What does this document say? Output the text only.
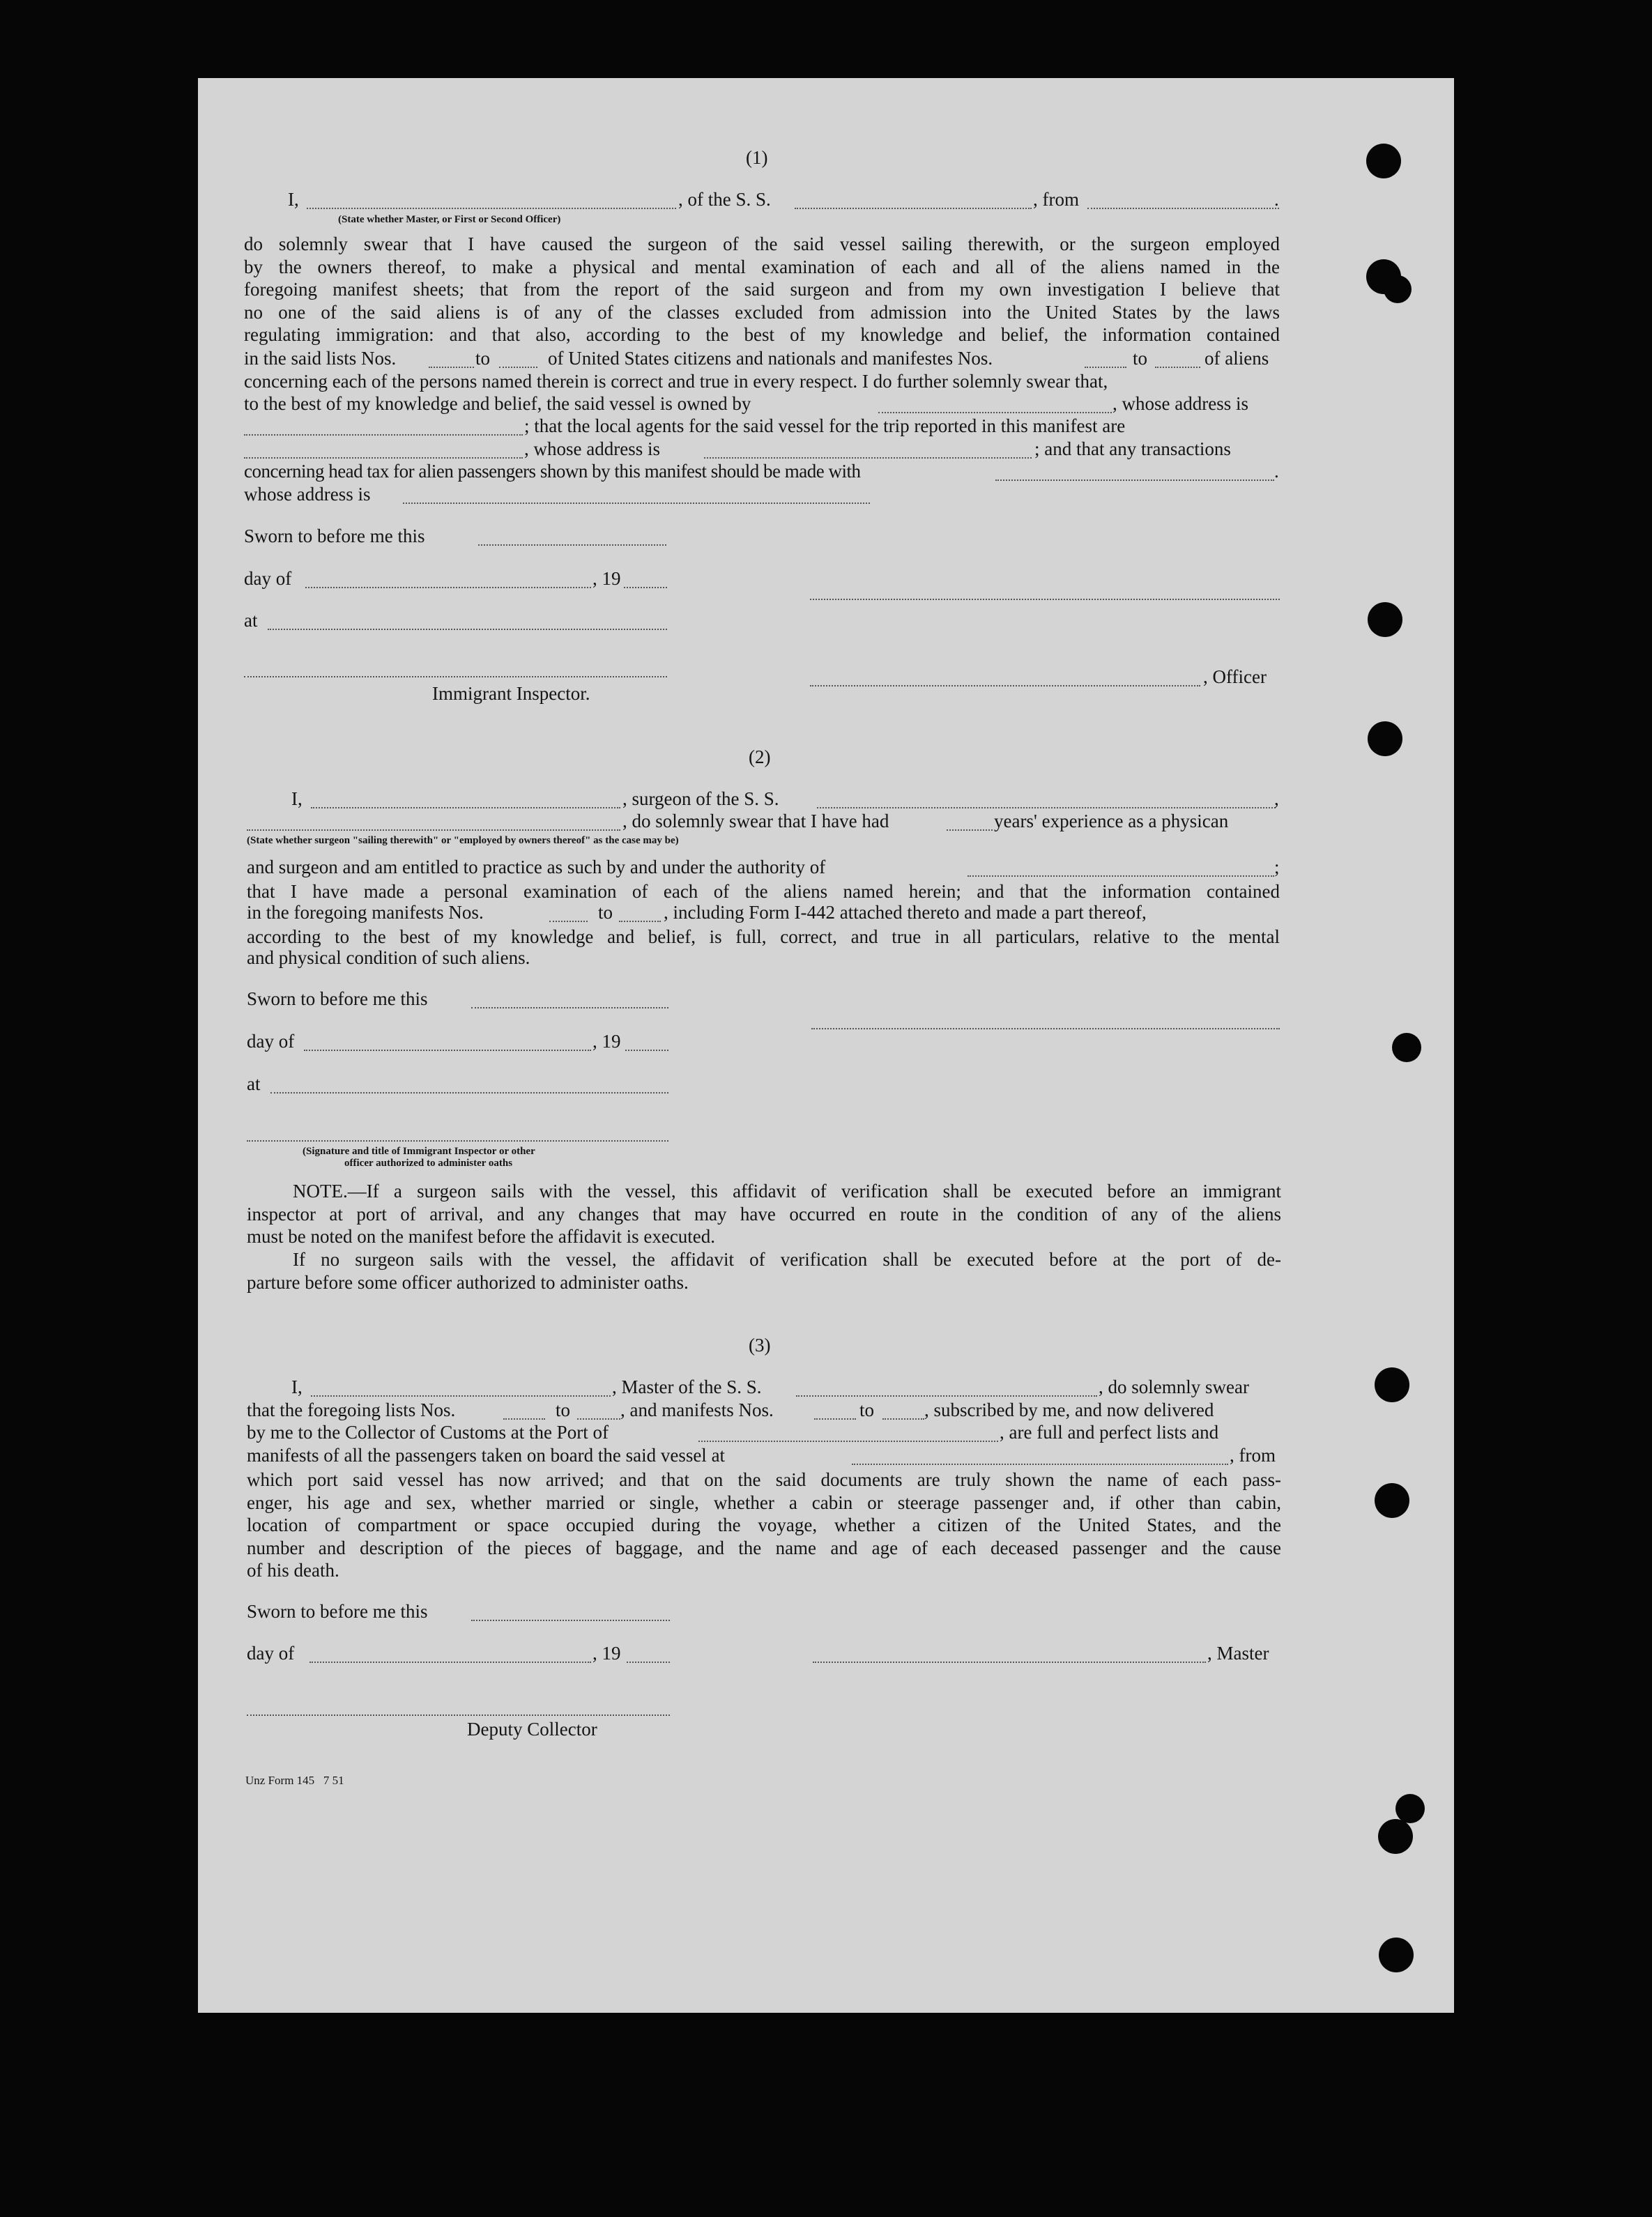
(1)
I,	, of the S. S.	, from	.
(State whether Master, or First or Second Officer)
do solemnly swear that I have caused the surgeon of the said vessel sailing therewith, or the surgeon employed
by the owners thereof, to make a physical and mental examination of each and all of the aliens named in the
foregoing manifest sheets; that from the report of the said surgeon and from my own investigation I believe that
no one of the said aliens is of any of the classes excluded from admission into the United States by the laws
regulating immigration: and that also, according to the best of my knowledge and belief, the information contained
in the said lists Nos.	to	of United States citizens and nationals and manifestes Nos.	to	of aliens
concerning each of the persons named therein is correct and true in every respect. I do further solemnly swear that,
to the best of my knowledge and belief, the said vessel is owned by	, whose address is
; that the local agents for the said vessel for the trip reported in this manifest are
, whose address is	; and that any transactions
concerning head tax for alien passengers shown by this manifest should be made with	.
whose address is
Sworn to before me this
day of	, 19
at
, Officer
Immigrant Inspector.
(2)
I,	, surgeon of the S. S.	,
, do solemnly swear that I have had	years' experience as a physican
(State whether surgeon "sailing therewith" or "employed by owners thereof" as the case may be)
and surgeon and am entitled to practice as such by and under the authority of	;
that I have made a personal examination of each of the aliens named herein; and that the information contained
in the foregoing manifests Nos.	to	, including Form I-442 attached thereto and made a part thereof,
according to the best of my knowledge and belief, is full, correct, and true in all particulars, relative to the mental
and physical condition of such aliens.
Sworn to before me this
day of	, 19
at
(Signature and title of Immigrant Inspector or other
officer authorized to administer oaths
NOTE.—If a surgeon sails with the vessel, this affidavit of verification shall be executed before an immigrant
inspector at port of arrival, and any changes that may have occurred en route in the condition of any of the aliens
must be noted on the manifest before the affidavit is executed.
If no surgeon sails with the vessel, the affidavit of verification shall be executed before at the port of de-
parture before some officer authorized to administer oaths.
(3)
I,	, Master of the S. S.	, do solemnly swear
that the foregoing lists Nos.	to	, and manifests Nos.	to	, subscribed by me, and now delivered
by me to the Collector of Customs at the Port of	, are full and perfect lists and
manifests of all the passengers taken on board the said vessel at	, from
which port said vessel has now arrived; and that on the said documents are truly shown the name of each pass-
enger, his age and sex, whether married or single, whether a cabin or steerage passenger and, if other than cabin,
location of compartment or space occupied during the voyage, whether a citizen of the United States, and the
number and description of the pieces of baggage, and the name and age of each deceased passenger and the cause
of his death.
Sworn to before me this
day of	, 19	, Master
Deputy Collector
Unz Form 145   7 51
